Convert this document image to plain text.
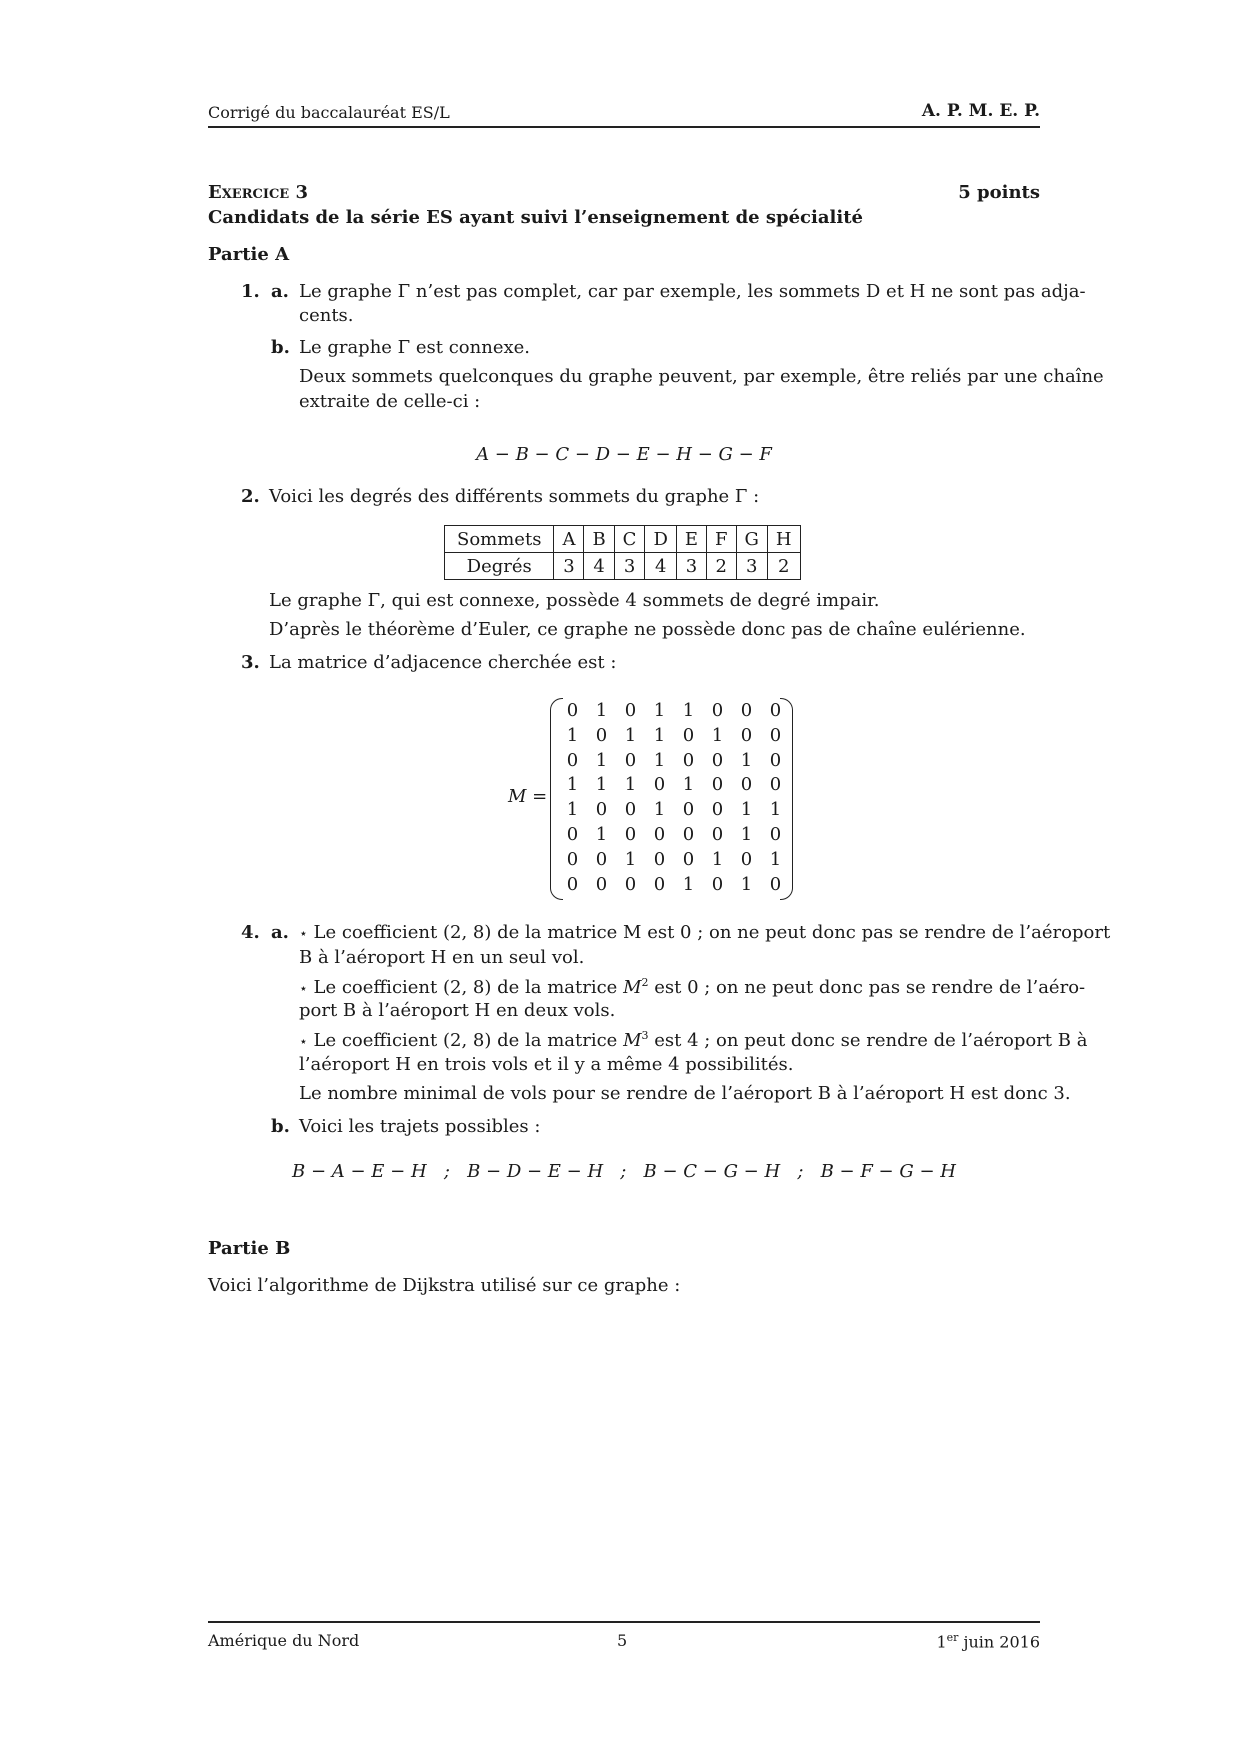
Corrigé du baccalauréat ES/L	A. P. M. E. P.
Exercice 3	5 points
Candidats de la série ES ayant suivi l’enseignement de spécialité
Partie A
1. a. Le graphe Γ n’est pas complet, car par exemple, les sommets D et H ne sont pas adja-
cents.
b. Le graphe Γ est connexe.
Deux sommets quelconques du graphe peuvent, par exemple, être reliés par une chaîne
extraite de celle-ci :
A − B − C − D − E − H − G − F
2. Voici les degrés des différents sommets du graphe Γ :
Sommets	A	B	C	D	E	F	G	H
Degrés	3	4	3	4	3	2	3	2
Le graphe Γ, qui est connexe, possède 4 sommets de degré impair.
D’après le théorème d’Euler, ce graphe ne possède donc pas de chaîne eulérienne.
3. La matrice d’adjacence cherchée est :
M =
0 1 0 1 1 0 0 0
1 0 1 1 0 1 0 0
0 1 0 1 0 0 1 0
1 1 1 0 1 0 0 0
1 0 0 1 0 0 1 1
0 1 0 0 0 0 1 0
0 0 1 0 0 1 0 1
0 0 0 0 1 0 1 0
4. a. ⋆ Le coefficient (2, 8) de la matrice M est 0 ; on ne peut donc pas se rendre de l’aéroport
B à l’aéroport H en un seul vol.
⋆ Le coefficient (2, 8) de la matrice $M^2$ est 0 ; on ne peut donc pas se rendre de l’aéro-
port B à l’aéroport H en deux vols.
⋆ Le coefficient (2, 8) de la matrice $M^3$ est 4 ; on peut donc se rendre de l’aéroport B à
l’aéroport H en trois vols et il y a même 4 possibilités.
Le nombre minimal de vols pour se rendre de l’aéroport B à l’aéroport H est donc 3.
b. Voici les trajets possibles :
B − A − E − H   ;   B − D − E − H   ;   B − C − G − H   ;   B − F − G − H
Partie B
Voici l’algorithme de Dijkstra utilisé sur ce graphe :
Amérique du Nord	5	1er juin 2016
